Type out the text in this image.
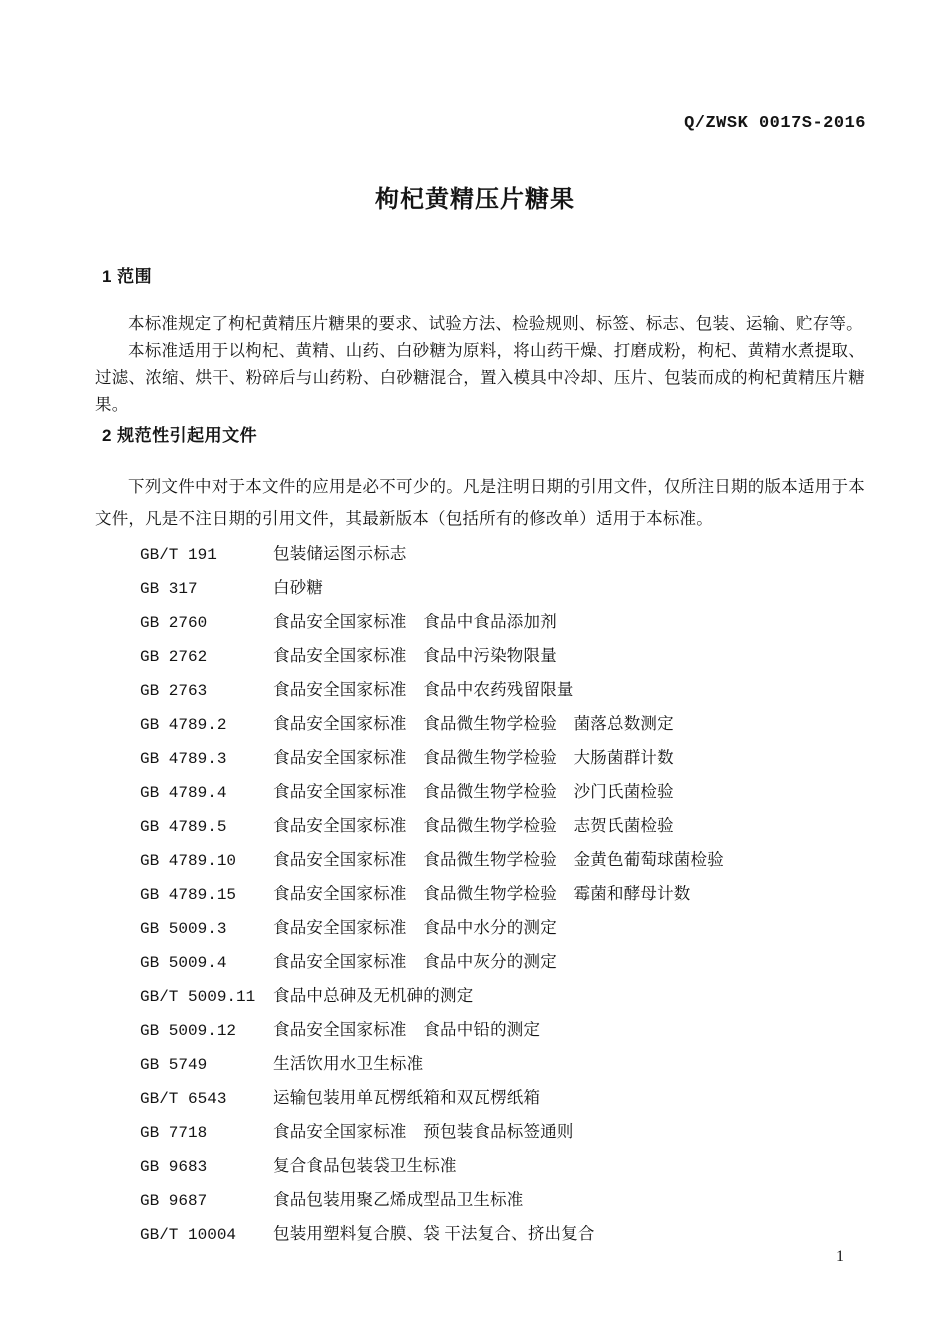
Q/ZWSK 0017S-2016
枸杞黄精压片糖果
1 范围

本标准规定了枸杞黄精压片糖果的要求、试验方法、检验规则、标签、标志、包装、运输、贮存等。

本标准适用于以枸杞、黄精、山药、白砂糖为原料，将山药干燥、打磨成粉，枸杞、黄精水煮提取、过滤、浓缩、烘干、粉碎后与山药粉、白砂糖混合，置入模具中冷却、压片、包装而成的枸杞黄精压片糖果。

2 规范性引起用文件

下列文件中对于本文件的应用是必不可少的。凡是注明日期的引用文件，仅所注日期的版本适用于本文件，凡是不注日期的引用文件，其最新版本（包括所有的修改单）适用于本标准。

GB/T 191	包装储运图示标志
GB 317	白砂糖
GB 2760	食品安全国家标准　食品中食品添加剂
GB 2762	食品安全国家标准　食品中污染物限量
GB 2763	食品安全国家标准　食品中农药残留限量
GB 4789.2	食品安全国家标准　食品微生物学检验　菌落总数测定
GB 4789.3	食品安全国家标准　食品微生物学检验　大肠菌群计数
GB 4789.4	食品安全国家标准　食品微生物学检验　沙门氏菌检验
GB 4789.5	食品安全国家标准　食品微生物学检验　志贺氏菌检验
GB 4789.10	食品安全国家标准　食品微生物学检验　金黄色葡萄球菌检验
GB 4789.15	食品安全国家标准　食品微生物学检验　霉菌和酵母计数
GB 5009.3	食品安全国家标准　食品中水分的测定
GB 5009.4	食品安全国家标准　食品中灰分的测定
GB/T 5009.11	食品中总砷及无机砷的测定
GB 5009.12	食品安全国家标准　食品中铅的测定
GB 5749	生活饮用水卫生标准
GB/T 6543	运输包装用单瓦楞纸箱和双瓦楞纸箱
GB 7718	食品安全国家标准　预包装食品标签通则
GB 9683	复合食品包装袋卫生标准
GB 9687	食品包装用聚乙烯成型品卫生标准
GB/T 10004	包装用塑料复合膜、袋 干法复合、挤出复合
1
